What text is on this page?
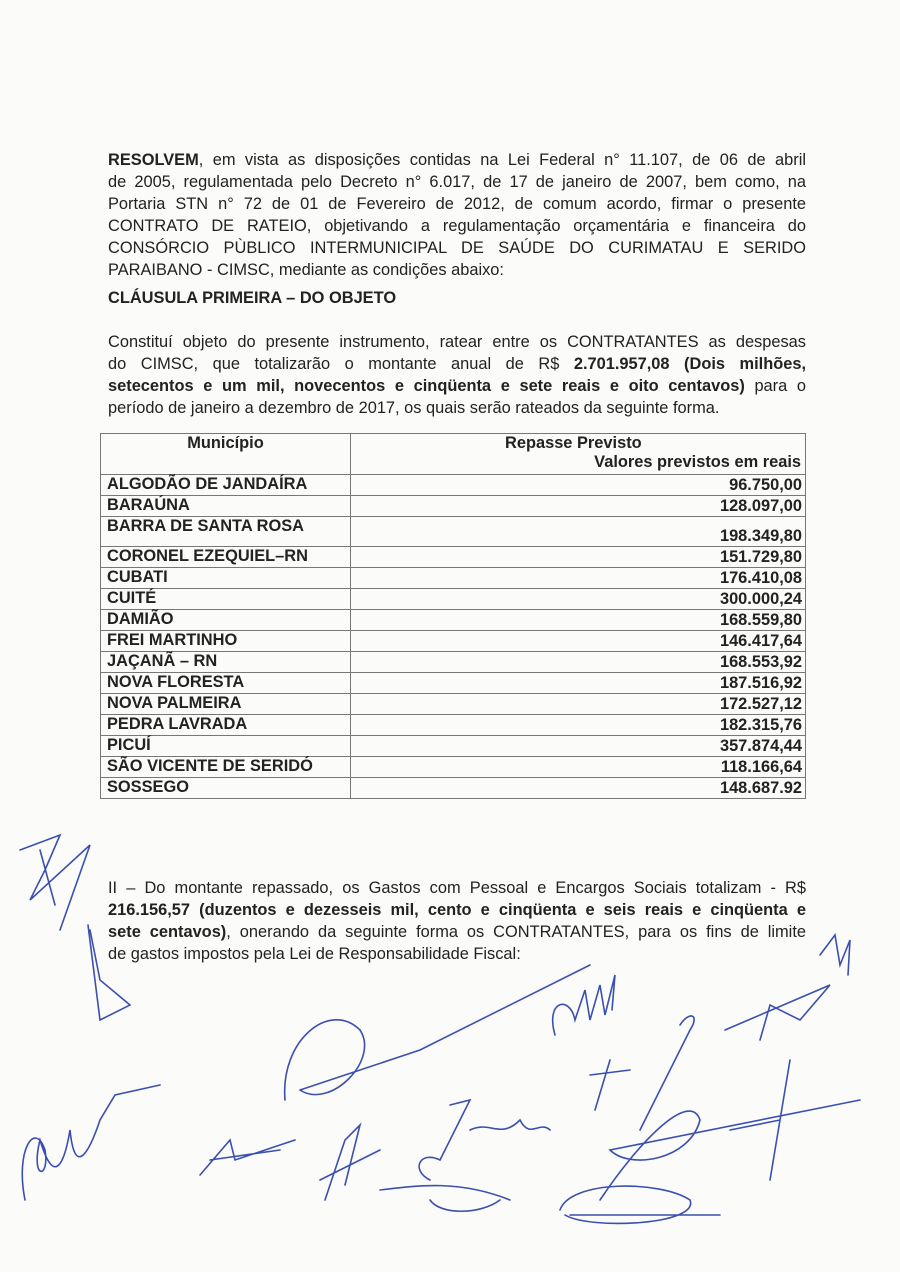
RESOLVEM, em vista as disposições contidas na Lei Federal n° 11.107, de 06 de abril
de 2005, regulamentada pelo Decreto n° 6.017, de 17 de janeiro de 2007, bem como, na
Portaria STN n° 72 de 01 de Fevereiro de 2012, de comum acordo, firmar o presente
CONTRATO DE RATEIO, objetivando a regulamentação orçamentária e financeira do
CONSÓRCIO PÙBLICO INTERMUNICIPAL DE SAÚDE DO CURIMATAU E SERIDO
PARAIBANO - CIMSC, mediante as condições abaixo:
CLÁUSULA PRIMEIRA – DO OBJETO
Constituí objeto do presente instrumento, ratear entre os CONTRATANTES as despesas
do CIMSC, que totalizarão o montante anual de R$ 2.701.957,08 (Dois milhões,
setecentos e um mil, novecentos e cinqüenta e sete reais e oito centavos) para o
período de janeiro a dezembro de 2017, os quais serão rateados da seguinte forma.
Município	Repasse Previsto
Valores previstos em reais

ALGODÃO DE JANDAÍRA	96.750,00
BARAÚNA	128.097,00
BARRA DE SANTA ROSA	198.349,80
CORONEL EZEQUIEL–RN	151.729,80
CUBATI	176.410,08
CUITÉ	300.000,24
DAMIÃO	168.559,80
FREI MARTINHO	146.417,64
JAÇANÃ – RN	168.553,92
NOVA FLORESTA	187.516,92
NOVA PALMEIRA	172.527,12
PEDRA LAVRADA	182.315,76
PICUÍ	357.874,44
SÃO VICENTE DE SERIDÓ	118.166,64
SOSSEGO	148.687.92
II – Do montante repassado, os Gastos com Pessoal e Encargos Sociais totalizam - R$
216.156,57 (duzentos e dezesseis mil, cento e cinqüenta e seis reais e cinqüenta e
sete centavos), onerando da seguinte forma os CONTRATANTES, para os fins de limite
de gastos impostos pela Lei de Responsabilidade Fiscal:
